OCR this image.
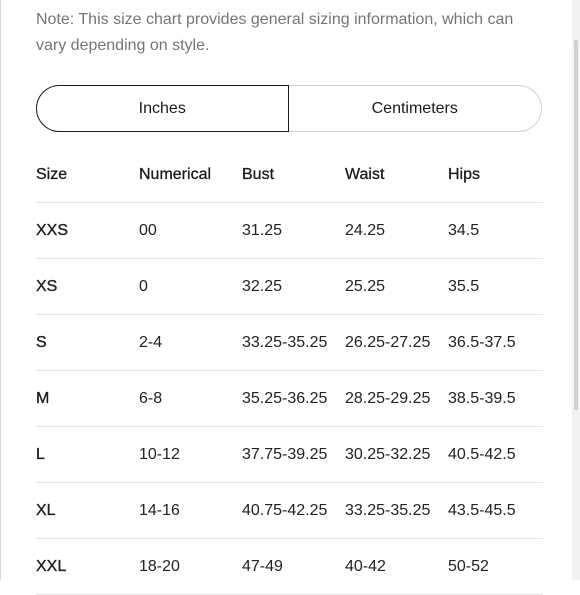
Note: This size chart provides general sizing information, which can vary depending on style.

Inches	Centimeters
Size	Numerical	Bust	Waist	Hips
XXS	00	31.25	24.25	34.5
XS	0	32.25	25.25	35.5
S	2-4	33.25-35.25	26.25-27.25	36.5-37.5
M	6-8	35.25-36.25	28.25-29.25	38.5-39.5
L	10-12	37.75-39.25	30.25-32.25	40.5-42.5
XL	14-16	40.75-42.25	33.25-35.25	43.5-45.5
XXL	18-20	47-49	40-42	50-52
